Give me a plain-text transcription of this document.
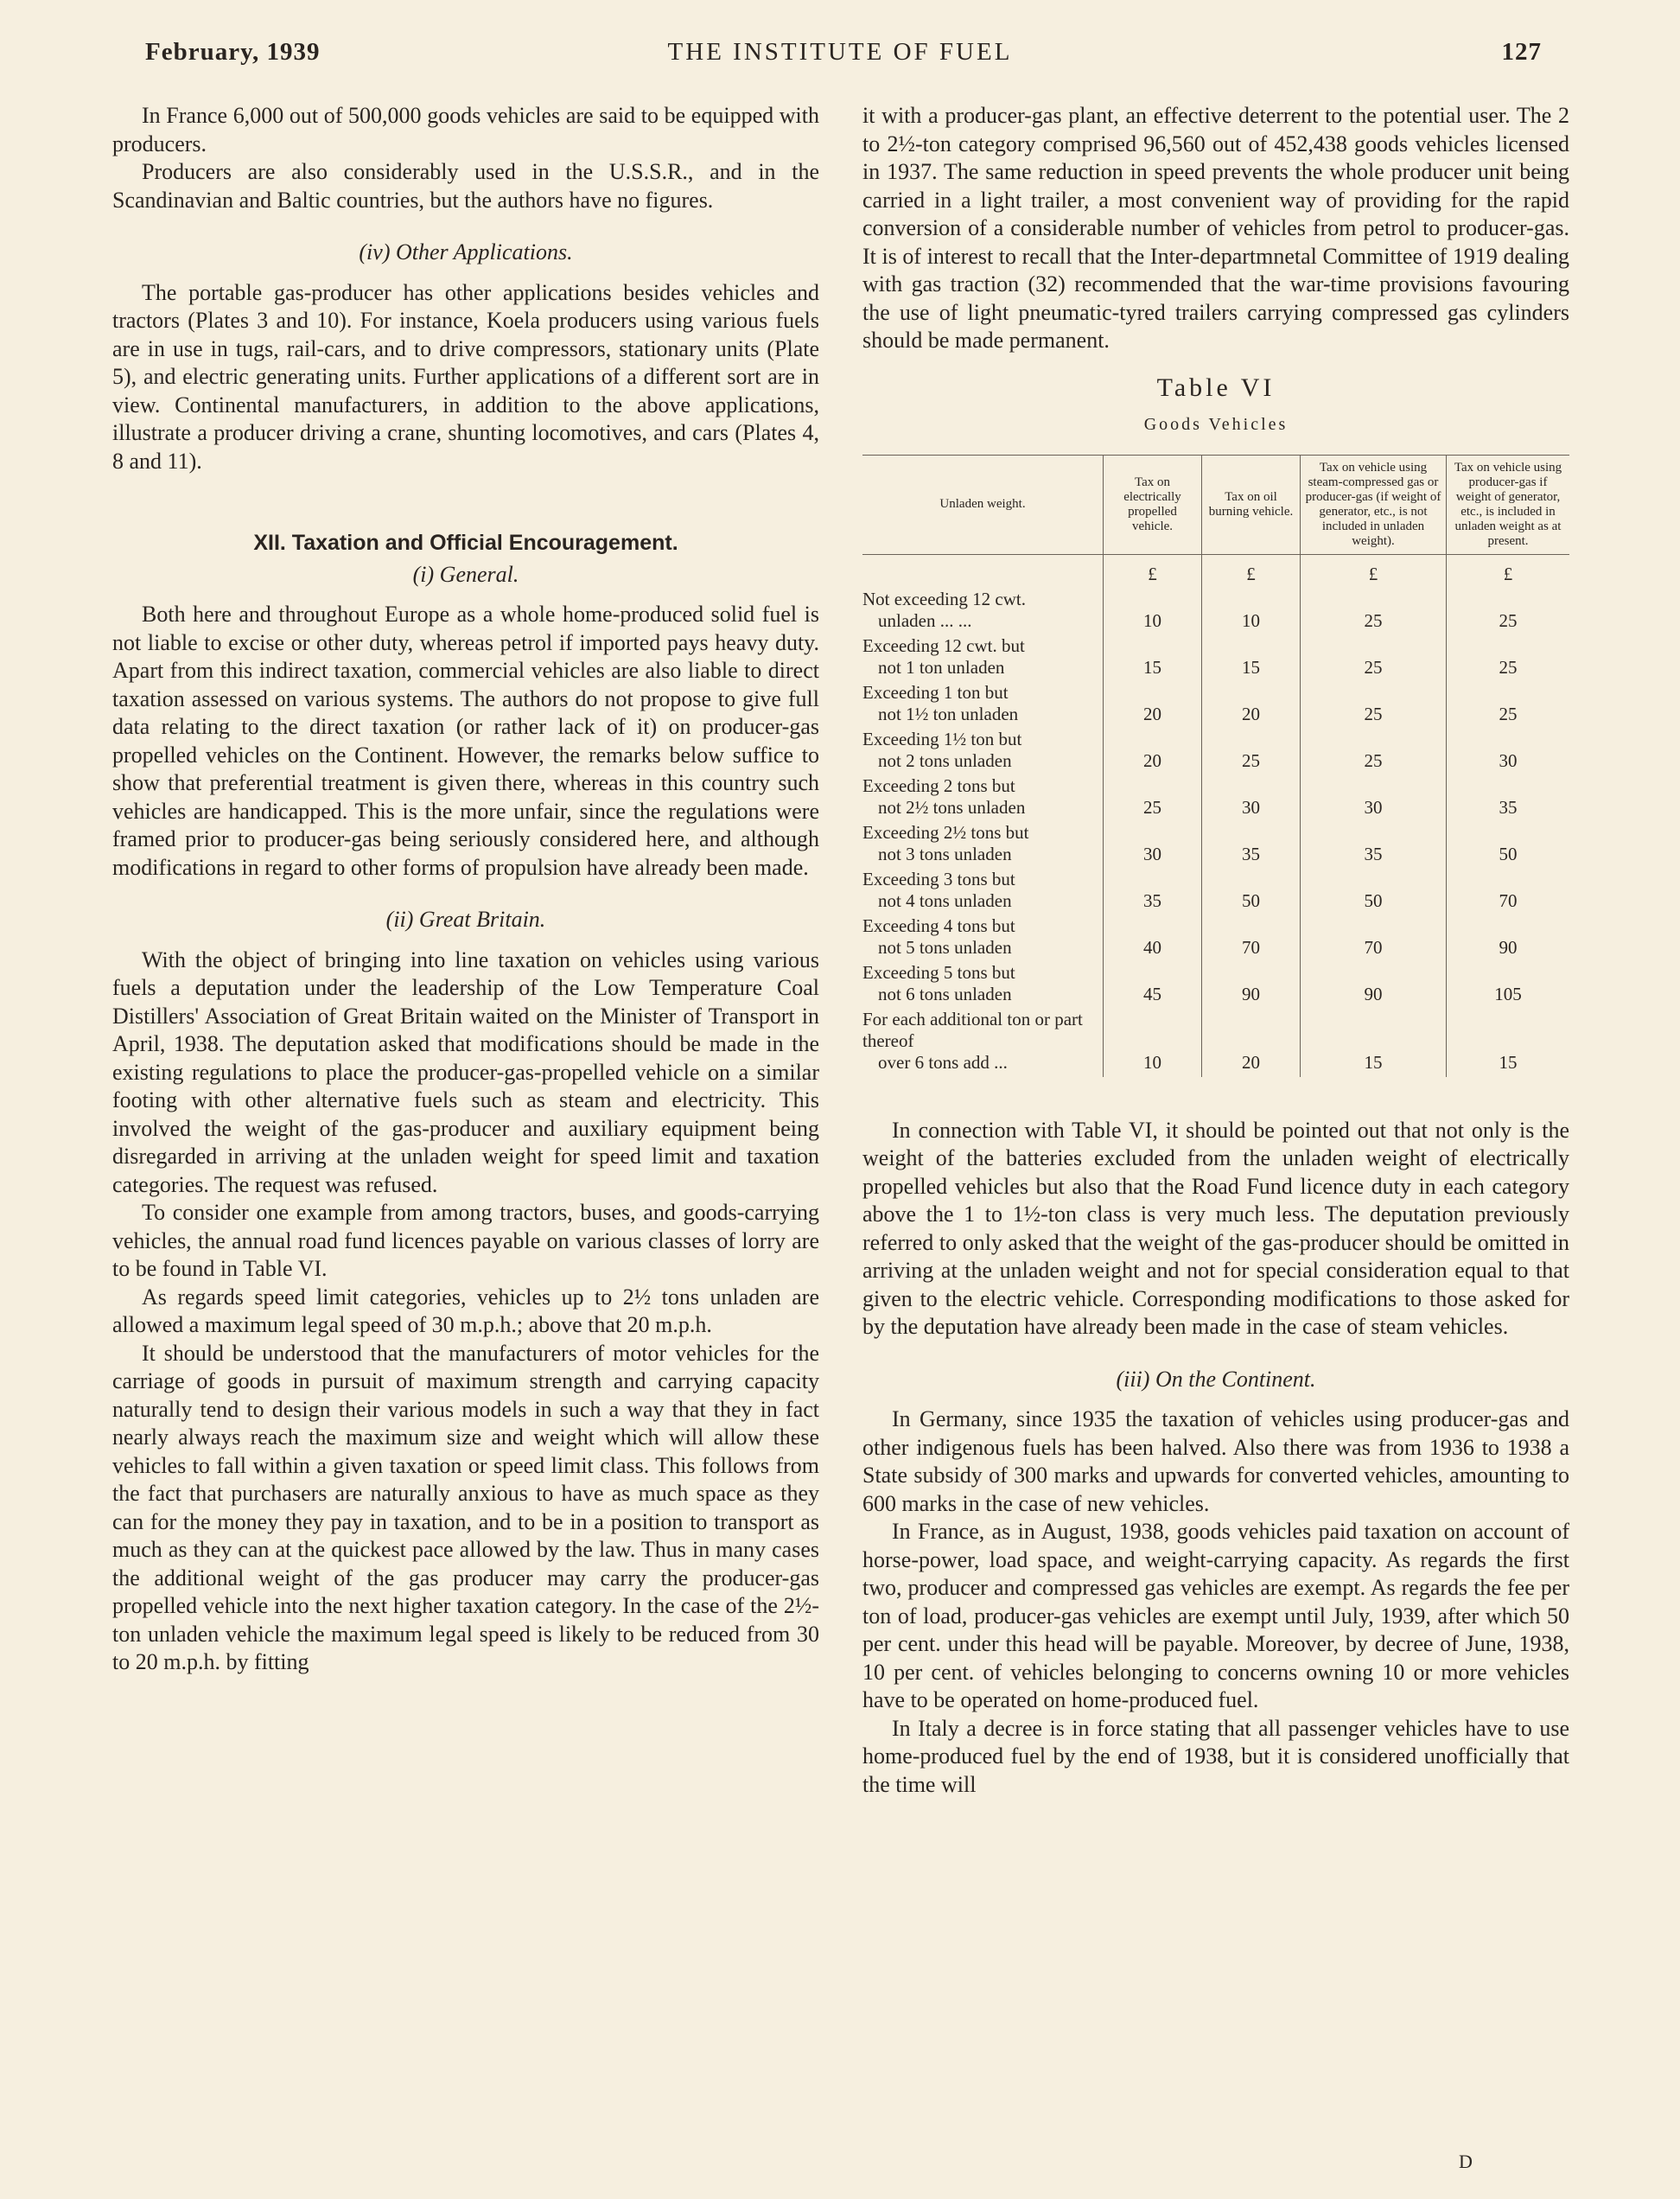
February, 1939	THE INSTITUTE OF FUEL	127

In France 6,000 out of 500,000 goods vehicles are said to be equipped with producers.

Producers are also considerably used in the U.S.S.R., and in the Scandinavian and Baltic countries, but the authors have no figures.

(iv) Other Applications.

The portable gas-producer has other applications besides vehicles and tractors (Plates 3 and 10). For instance, Koela producers using various fuels are in use in tugs, rail-cars, and to drive compressors, stationary units (Plate 5), and electric generating units. Further applications of a different sort are in view. Continental manufacturers, in addition to the above applications, illustrate a producer driving a crane, shunting locomotives, and cars (Plates 4, 8 and 11).

XII. Taxation and Official Encouragement.
(i) General.

Both here and throughout Europe as a whole home-produced solid fuel is not liable to excise or other duty, whereas petrol if imported pays heavy duty. Apart from this indirect taxation, commercial vehicles are also liable to direct taxation assessed on various systems. The authors do not propose to give full data relating to the direct taxation (or rather lack of it) on producer-gas propelled vehicles on the Continent. However, the remarks below suffice to show that preferential treatment is given there, whereas in this country such vehicles are handicapped. This is the more unfair, since the regulations were framed prior to producer-gas being seriously considered here, and although modifications in regard to other forms of propulsion have already been made.

(ii) Great Britain.

With the object of bringing into line taxation on vehicles using various fuels a deputation under the leadership of the Low Temperature Coal Distillers' Association of Great Britain waited on the Minister of Transport in April, 1938. The deputation asked that modifications should be made in the existing regulations to place the producer-gas-propelled vehicle on a similar footing with other alternative fuels such as steam and electricity. This involved the weight of the gas-producer and auxiliary equipment being disregarded in arriving at the unladen weight for speed limit and taxation categories. The request was refused.

To consider one example from among tractors, buses, and goods-carrying vehicles, the annual road fund licences payable on various classes of lorry are to be found in Table VI.

As regards speed limit categories, vehicles up to 2½ tons unladen are allowed a maximum legal speed of 30 m.p.h.; above that 20 m.p.h.

It should be understood that the manufacturers of motor vehicles for the carriage of goods in pursuit of maximum strength and carrying capacity naturally tend to design their various models in such a way that they in fact nearly always reach the maximum size and weight which will allow these vehicles to fall within a given taxation or speed limit class. This follows from the fact that purchasers are naturally anxious to have as much space as they can for the money they pay in taxation, and to be in a position to transport as much as they can at the quickest pace allowed by the law. Thus in many cases the additional weight of the gas producer may carry the producer-gas propelled vehicle into the next higher taxation category. In the case of the 2½-ton unladen vehicle the maximum legal speed is likely to be reduced from 30 to 20 m.p.h. by fitting

it with a producer-gas plant, an effective deterrent to the potential user. The 2 to 2½-ton category comprised 96,560 out of 452,438 goods vehicles licensed in 1937. The same reduction in speed prevents the whole producer unit being carried in a light trailer, a most convenient way of providing for the rapid conversion of a considerable number of vehicles from petrol to producer-gas. It is of interest to recall that the Inter-departmnetal Committee of 1919 dealing with gas traction (32) recommended that the war-time provisions favouring the use of light pneumatic-tyred trailers carrying compressed gas cylinders should be made permanent.

Table VI
Goods Vehicles
Unladen weight.	Tax on electrically propelled vehicle.	Tax on oil burning vehicle.	Tax on vehicle using steam-compressed gas or producer-gas (if weight of generator, etc., is not included in unladen weight).	Tax on vehicle using producer-gas if weight of generator, etc., is included in unladen weight as at present.
	£	£	£	£

Not exceeding 12 cwt.
unladen ... ...	10	10	25	25

Exceeding 12 cwt. but
not 1 ton unladen	15	15	25	25

Exceeding 1 ton but
not 1½ ton unladen	20	20	25	25

Exceeding 1½ ton but
not 2 tons unladen	20	25	25	30

Exceeding 2 tons but
not 2½ tons unladen	25	30	30	35

Exceeding 2½ tons but
not 3 tons unladen	30	35	35	50

Exceeding 3 tons but
not 4 tons unladen	35	50	50	70

Exceeding 4 tons but
not 5 tons unladen	40	70	70	90

Exceeding 5 tons but
not 6 tons unladen	45	90	90	105

For each additional ton or part thereof
over 6 tons add ...	10	20	15	15

In connection with Table VI, it should be pointed out that not only is the weight of the batteries excluded from the unladen weight of electrically propelled vehicles but also that the Road Fund licence duty in each category above the 1 to 1½-ton class is very much less. The deputation previously referred to only asked that the weight of the gas-producer should be omitted in arriving at the unladen weight and not for special consideration equal to that given to the electric vehicle. Corresponding modifications to those asked for by the deputation have already been made in the case of steam vehicles.

(iii) On the Continent.

In Germany, since 1935 the taxation of vehicles using producer-gas and other indigenous fuels has been halved. Also there was from 1936 to 1938 a State subsidy of 300 marks and upwards for converted vehicles, amounting to 600 marks in the case of new vehicles.

In France, as in August, 1938, goods vehicles paid taxation on account of horse-power, load space, and weight-carrying capacity. As regards the first two, producer and compressed gas vehicles are exempt. As regards the fee per ton of load, producer-gas vehicles are exempt until July, 1939, after which 50 per cent. under this head will be payable. Moreover, by decree of June, 1938, 10 per cent. of vehicles belonging to concerns owning 10 or more vehicles have to be operated on home-produced fuel.

In Italy a decree is in force stating that all passenger vehicles have to use home-produced fuel by the end of 1938, but it is considered unofficially that the time will

D
